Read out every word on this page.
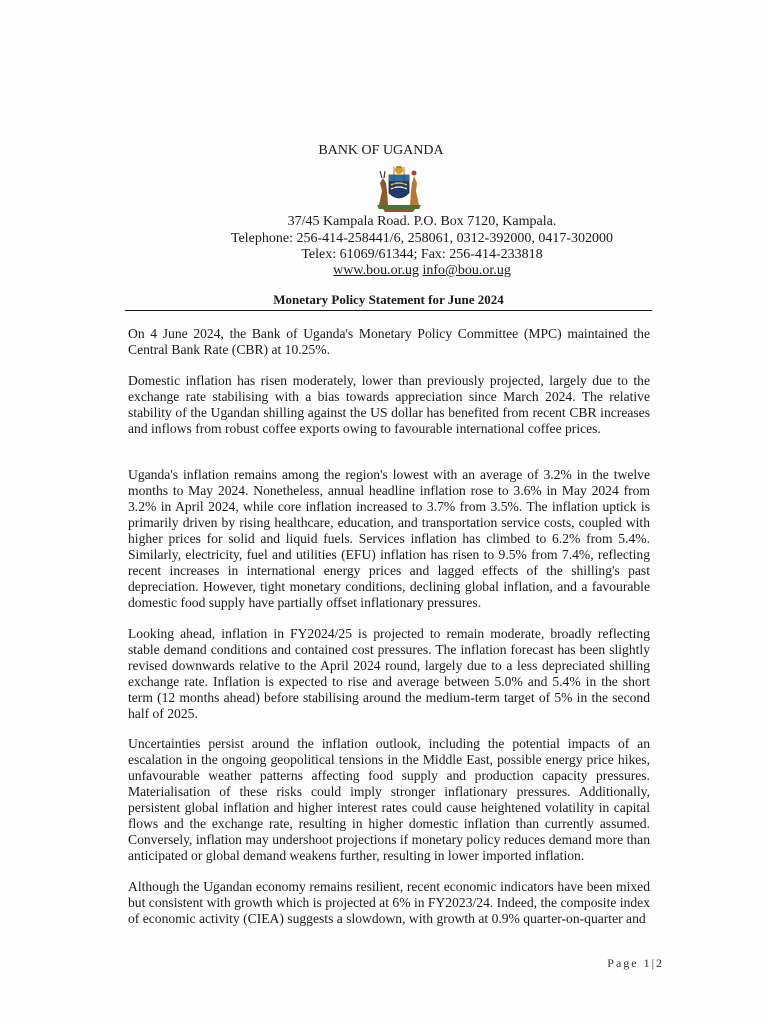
BANK OF UGANDA
37/45 Kampala Road. P.O. Box 7120, Kampala.
Telephone: 256-414-258441/6, 258061, 0312-392000, 0417-302000
Telex: 61069/61344; Fax: 256-414-233818
www.bou.or.ug info@bou.or.ug
Monetary Policy Statement for June 2024

On 4 June 2024, the Bank of Uganda's Monetary Policy Committee (MPC) maintained the Central Bank Rate (CBR) at 10.25%.

Domestic inflation has risen moderately, lower than previously projected, largely due to the exchange rate stabilising with a bias towards appreciation since March 2024. The relative stability of the Ugandan shilling against the US dollar has benefited from recent CBR increases and inflows from robust coffee exports owing to favourable international coffee prices.

Uganda's inflation remains among the region's lowest with an average of 3.2% in the twelve months to May 2024. Nonetheless, annual headline inflation rose to 3.6% in May 2024 from 3.2% in April 2024, while core inflation increased to 3.7% from 3.5%. The inflation uptick is primarily driven by rising healthcare, education, and transportation service costs, coupled with higher prices for solid and liquid fuels. Services inflation has climbed to 6.2% from 5.4%. Similarly, electricity, fuel and utilities (EFU) inflation has risen to 9.5% from 7.4%, reflecting recent increases in international energy prices and lagged effects of the shilling's past depreciation. However, tight monetary conditions, declining global inflation, and a favourable domestic food supply have partially offset inflationary pressures.

Looking ahead, inflation in FY2024/25 is projected to remain moderate, broadly reflecting stable demand conditions and contained cost pressures. The inflation forecast has been slightly revised downwards relative to the April 2024 round, largely due to a less depreciated shilling exchange rate. Inflation is expected to rise and average between 5.0% and 5.4% in the short term (12 months ahead) before stabilising around the medium-term target of 5% in the second half of 2025.

Uncertainties persist around the inflation outlook, including the potential impacts of an escalation in the ongoing geopolitical tensions in the Middle East, possible energy price hikes, unfavourable weather patterns affecting food supply and production capacity pressures. Materialisation of these risks could imply stronger inflationary pressures. Additionally, persistent global inflation and higher interest rates could cause heightened volatility in capital flows and the exchange rate, resulting in higher domestic inflation than currently assumed. Conversely, inflation may undershoot projections if monetary policy reduces demand more than anticipated or global demand weakens further, resulting in lower imported inflation.

Although the Ugandan economy remains resilient, recent economic indicators have been mixed but consistent with growth which is projected at 6% in FY2023/24. Indeed, the composite index of economic activity (CIEA) suggests a slowdown, with growth at 0.9% quarter-on-quarter and

Page 1|2
